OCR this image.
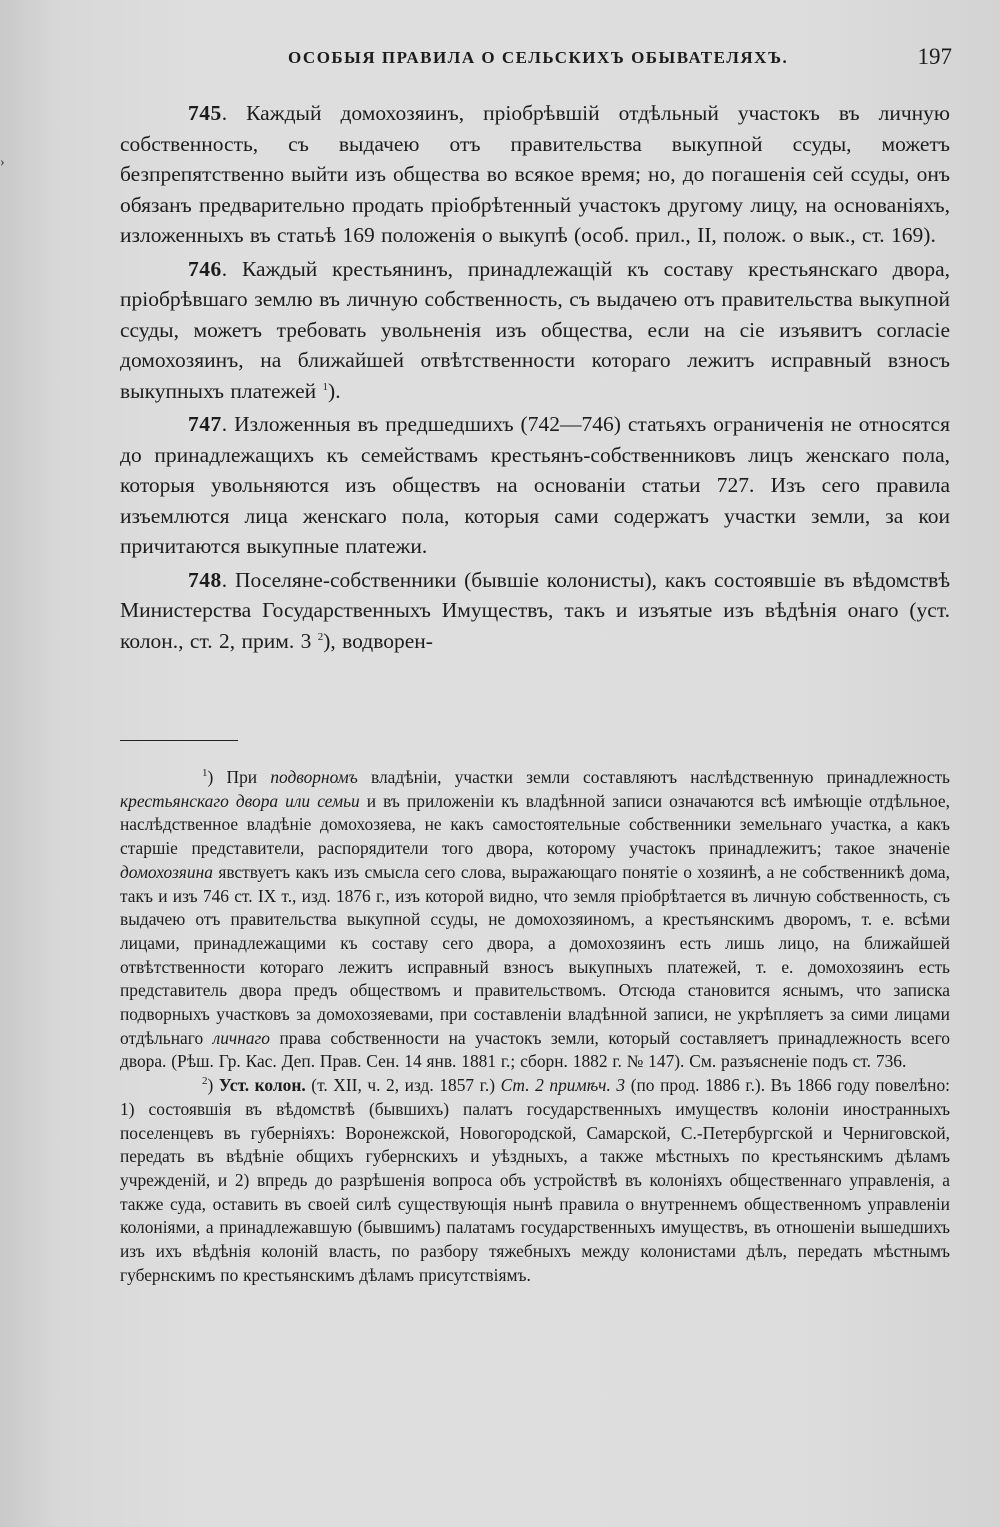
›
ОСОБЫЯ ПРАВИЛА О СЕЛЬСКИХЪ ОБЫВАТЕЛЯХЪ.	197

745. Каждый домохозяинъ, пріобрѣвшій отдѣльный участокъ въ личную собственность, съ выдачею отъ правительства выкупной ссуды, можетъ безпрепятственно выйти изъ общества во всякое время; но, до погашенія сей ссуды, онъ обязанъ предварительно продать пріобрѣтенный участокъ другому лицу, на основаніяхъ, изложенныхъ въ статьѣ 169 положенія о выкупѣ (особ. прил., II, полож. о вык., ст. 169).

746. Каждый крестьянинъ, принадлежащій къ составу крестьянскаго двора, пріобрѣвшаго землю въ личную собственность, съ выдачею отъ правительства выкупной ссуды, можетъ требовать увольненія изъ общества, если на сіе изъявитъ согласіе домохозяинъ, на ближайшей отвѣтственности котораго лежитъ исправный взносъ выкупныхъ платежей $^1$).

747. Изложенныя въ предшедшихъ (742—746) статьяхъ ограниченія не относятся до принадлежащихъ къ семействамъ крестьянъ-собственниковъ лицъ женскаго пола, которыя увольняются изъ обществъ на основаніи статьи 727. Изъ сего правила изъемлются лица женскаго пола, которыя сами содержатъ участки земли, за кои причитаются выкупные платежи.

748. Поселяне-собственники (бывшіе колонисты), какъ состоявшіе въ вѣдомствѣ Министерства Государственныхъ Имуществъ, такъ и изъятые изъ вѣдѣнія онаго (уст. колон., ст. 2, прим. 3 $^2$), водворен-

$^1$) При подворномъ владѣніи, участки земли составляютъ наслѣдственную принадлежность крестьянскаго двора или семьи и въ приложеніи къ владѣнной записи означаются всѣ имѣющіе отдѣльное, наслѣдственное владѣніе домохозяева, не какъ самостоятельные собственники земельнаго участка, а какъ старшіе представители, распорядители того двора, которому участокъ принадлежитъ; такое значеніе домохозяина явствуетъ какъ изъ смысла сего слова, выражающаго понятіе о хозяинѣ, а не собственникѣ дома, такъ и изъ 746 ст. IX т., изд. 1876 г., изъ которой видно, что земля пріобрѣтается въ личную собственность, съ выдачею отъ правительства выкупной ссуды, не домохозяиномъ, а крестьянскимъ дворомъ, т. е. всѣми лицами, принадлежащими къ составу сего двора, а домохозяинъ есть лишь лицо, на ближайшей отвѣтственности котораго лежитъ исправный взносъ выкупныхъ платежей, т. е. домохозяинъ есть представитель двора предъ обществомъ и правительствомъ. Отсюда становится яснымъ, что записка подворныхъ участковъ за домохозяевами, при составленіи владѣнной записи, не укрѣпляетъ за сими лицами отдѣльнаго личнаго права собственности на участокъ земли, который составляетъ принадлежность всего двора. (Рѣш. Гр. Кас. Деп. Прав. Сен. 14 янв. 1881 г.; сборн. 1882 г. № 147). См. разъясненіе подъ ст. 736.

$^2$) Уст. колон. (т. XII, ч. 2, изд. 1857 г.) Ст. 2 примѣч. 3 (по прод. 1886 г.). Въ 1866 году повелѣно: 1) состоявшія въ вѣдомствѣ (бывшихъ) палатъ государственныхъ имуществъ колоніи иностранныхъ поселенцевъ въ губерніяхъ: Воронежской, Новогородской, Самарской, С.-Петербургской и Черниговской, передать въ вѣдѣніе общихъ губернскихъ и уѣздныхъ, а также мѣстныхъ по крестьянскимъ дѣламъ учрежденій, и 2) впредь до разрѣшенія вопроса объ устройствѣ въ колоніяхъ общественнаго управленія, а также суда, оставить въ своей силѣ существующія нынѣ правила о внутреннемъ общественномъ управленіи колоніями, а принадлежавшую (бывшимъ) палатамъ государственныхъ имуществъ, въ отношеніи вышедшихъ изъ ихъ вѣдѣнія колоній власть, по разбору тяжебныхъ между колонистами дѣлъ, передать мѣстнымъ губернскимъ по крестьянскимъ дѣламъ присутствіямъ.
